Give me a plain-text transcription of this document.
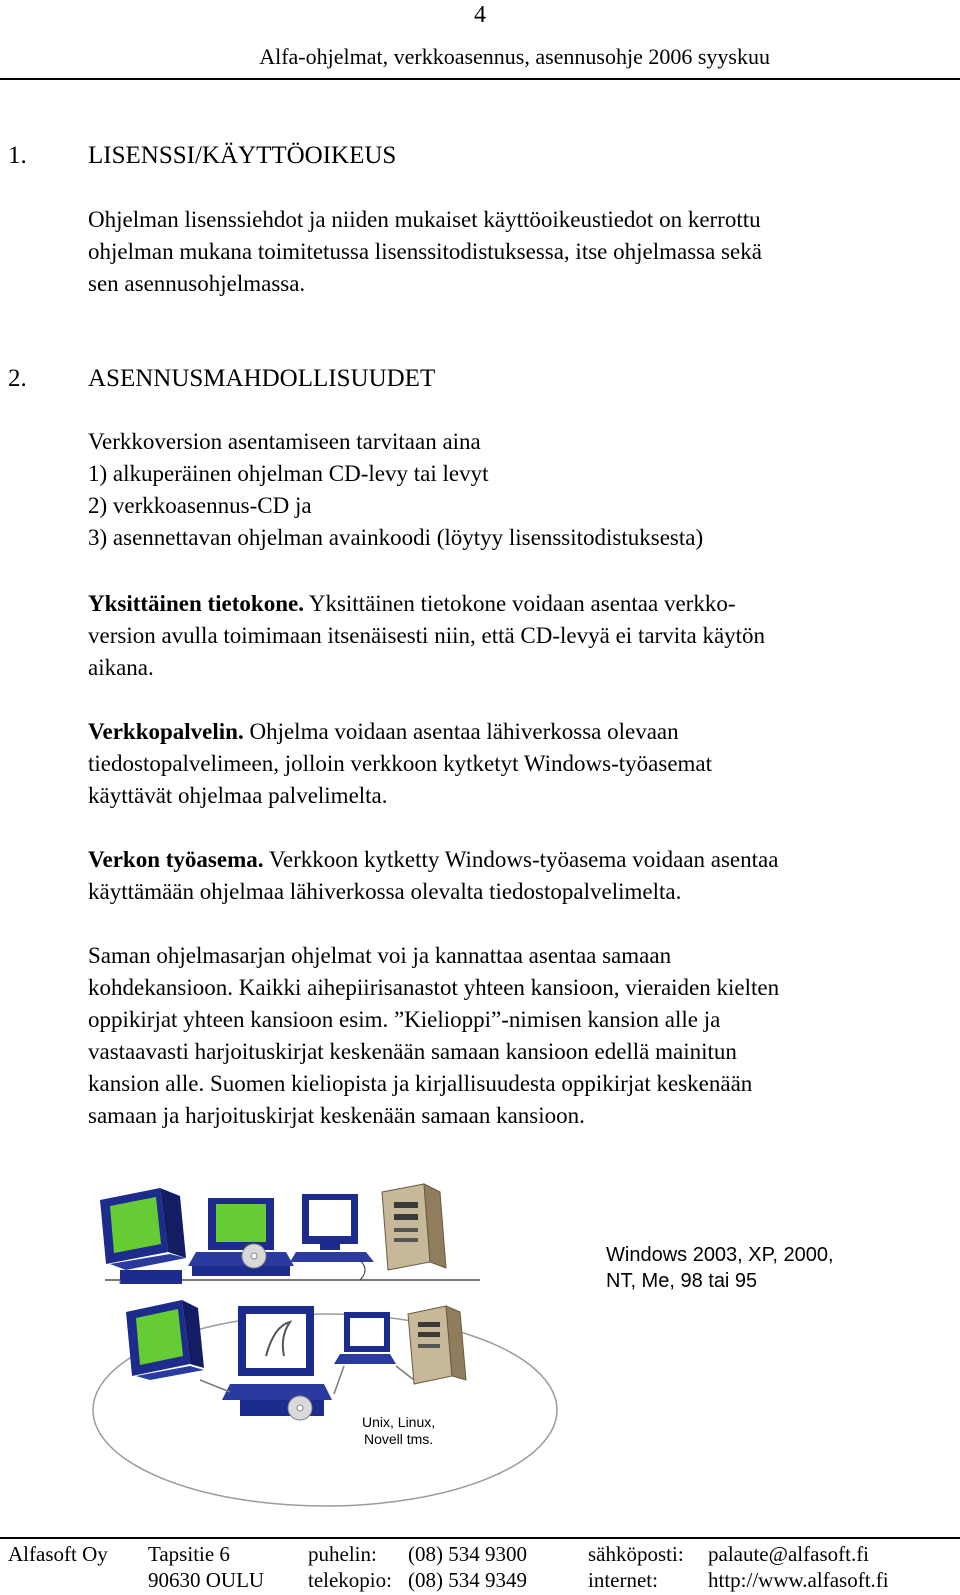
4
Alfa-ohjelmat, verkkoasennus, asennusohje 2006 syyskuu
1. LISENSSI/KÄYTTÖOIKEUS
Ohjelman lisenssiehdot ja niiden mukaiset käyttöoikeustiedot on kerrottu
ohjelman mukana toimitetussa lisenssitodistuksessa, itse ohjelmassa sekä
sen asennusohjelmassa.
2. ASENNUSMAHDOLLISUUDET
Verkkoversion asentamiseen tarvitaan aina
1) alkuperäinen ohjelman CD-levy tai levyt
2) verkkoasennus-CD ja
3) asennettavan ohjelman avainkoodi (löytyy lisenssitodistuksesta)
Yksittäinen tietokone. Yksittäinen tietokone voidaan asentaa verkko-
version avulla toimimaan itsenäisesti niin, että CD-levyä ei tarvita käytön
aikana.
Verkkopalvelin. Ohjelma voidaan asentaa lähiverkossa olevaan
tiedostopalvelimeen, jolloin verkkoon kytketyt Windows-työasemat
käyttävät ohjelmaa palvelimelta.
Verkon työasema. Verkkoon kytketty Windows-työasema voidaan asentaa
käyttämään ohjelmaa lähiverkossa olevalta tiedostopalvelimelta.
Saman ohjelmasarjan ohjelmat voi ja kannattaa asentaa samaan
kohdekansioon. Kaikki aihepiirisanastot yhteen kansioon, vieraiden kielten
oppikirjat yhteen kansioon esim. ”Kielioppi”-nimisen kansion alle ja
vastaavasti harjoituskirjat keskenään samaan kansioon edellä mainitun
kansion alle. Suomen kieliopista ja kirjallisuudesta oppikirjat keskenään
samaan ja harjoituskirjat keskenään samaan kansioon.
Windows 2003, XP, 2000,
NT, Me, 98 tai 95
Unix, Linux,
Novell tms.
Alfasoft Oy Tapsitie 6
90630 OULU
puhelin: (08) 534 9300
telekopio: (08) 534 9349
sähköposti: palaute@alfasoft.fi
internet: http://www.alfasoft.fi
